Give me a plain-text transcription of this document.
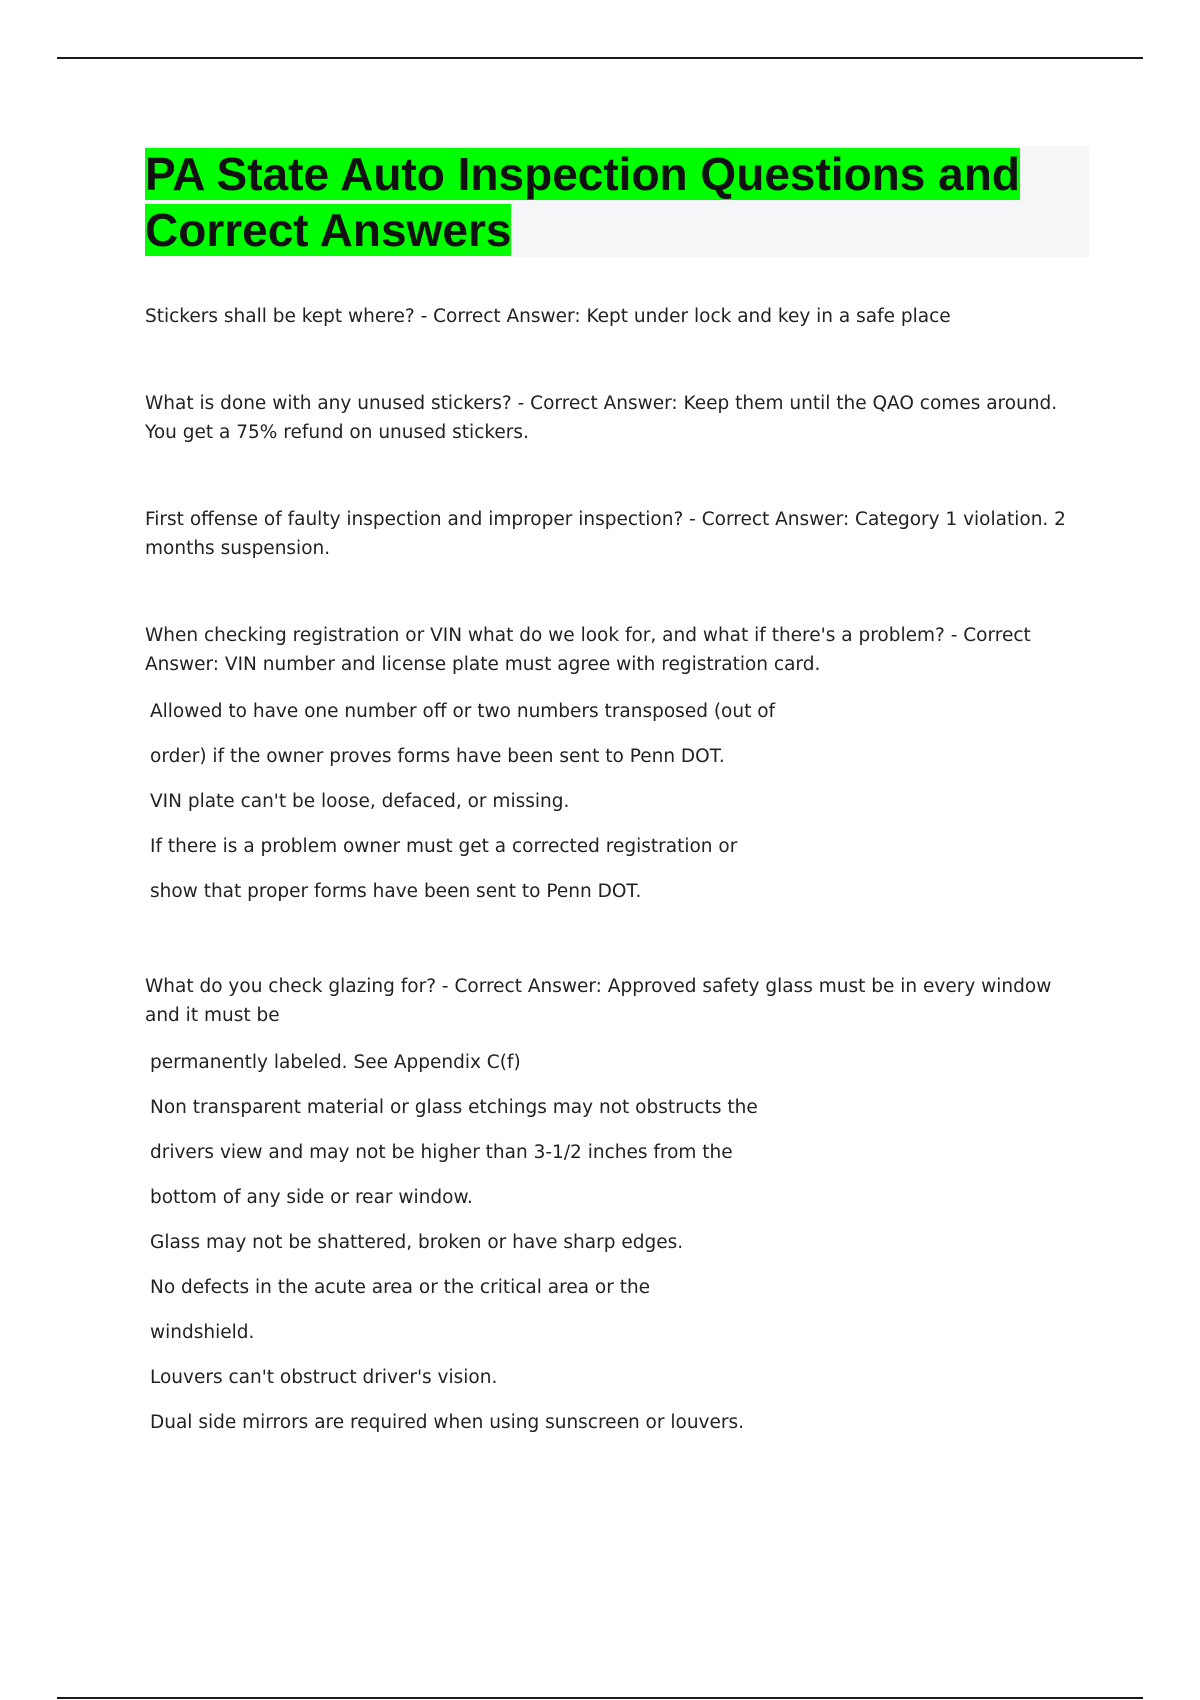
PA State Auto Inspection Questions and Correct Answers

Stickers shall be kept where? - Correct Answer: Kept under lock and key in a safe place

What is done with any unused stickers? - Correct Answer: Keep them until the QAO comes around. You get a 75% refund on unused stickers.

First offense of faulty inspection and improper inspection? - Correct Answer: Category 1 violation. 2 months suspension.

When checking registration or VIN what do we look for, and what if there's a problem? - Correct Answer: VIN number and license plate must agree with registration card.

Allowed to have one number off or two numbers transposed (out of

order) if the owner proves forms have been sent to Penn DOT.

VIN plate can't be loose, defaced, or missing.

If there is a problem owner must get a corrected registration or

show that proper forms have been sent to Penn DOT.

What do you check glazing for? - Correct Answer: Approved safety glass must be in every window and it must be

permanently labeled. See Appendix C(f)

Non transparent material or glass etchings may not obstructs the

drivers view and may not be higher than 3-1/2 inches from the

bottom of any side or rear window.

Glass may not be shattered, broken or have sharp edges.

No defects in the acute area or the critical area or the

windshield.

Louvers can't obstruct driver's vision.

Dual side mirrors are required when using sunscreen or louvers.
